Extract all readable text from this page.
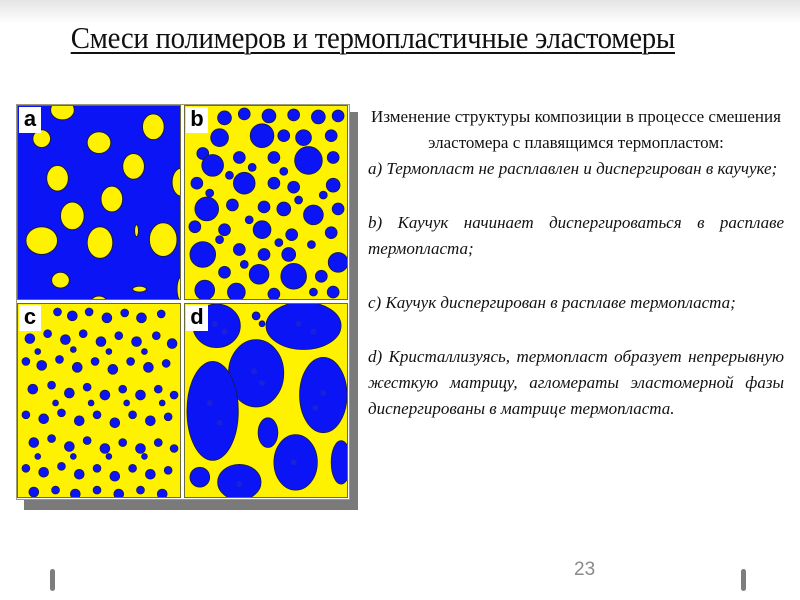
Смеси полимеров и термопластичные эластомеры
a	b
c	d
Изменение структуры композиции в процессе смешения эластомера с плавящимся термопластом:
a) Термопласт не расплавлен и диспергирован в каучуке;
b) Каучук начинает диспергироваться в расплаве термопласта;
c) Каучук диспергирован в расплаве термопласта;
d) Кристаллизуясь, термопласт образует непрерывную жесткую матрицу, агломераты эластомерной фазы диспергированы в матрице термопласта.
23
